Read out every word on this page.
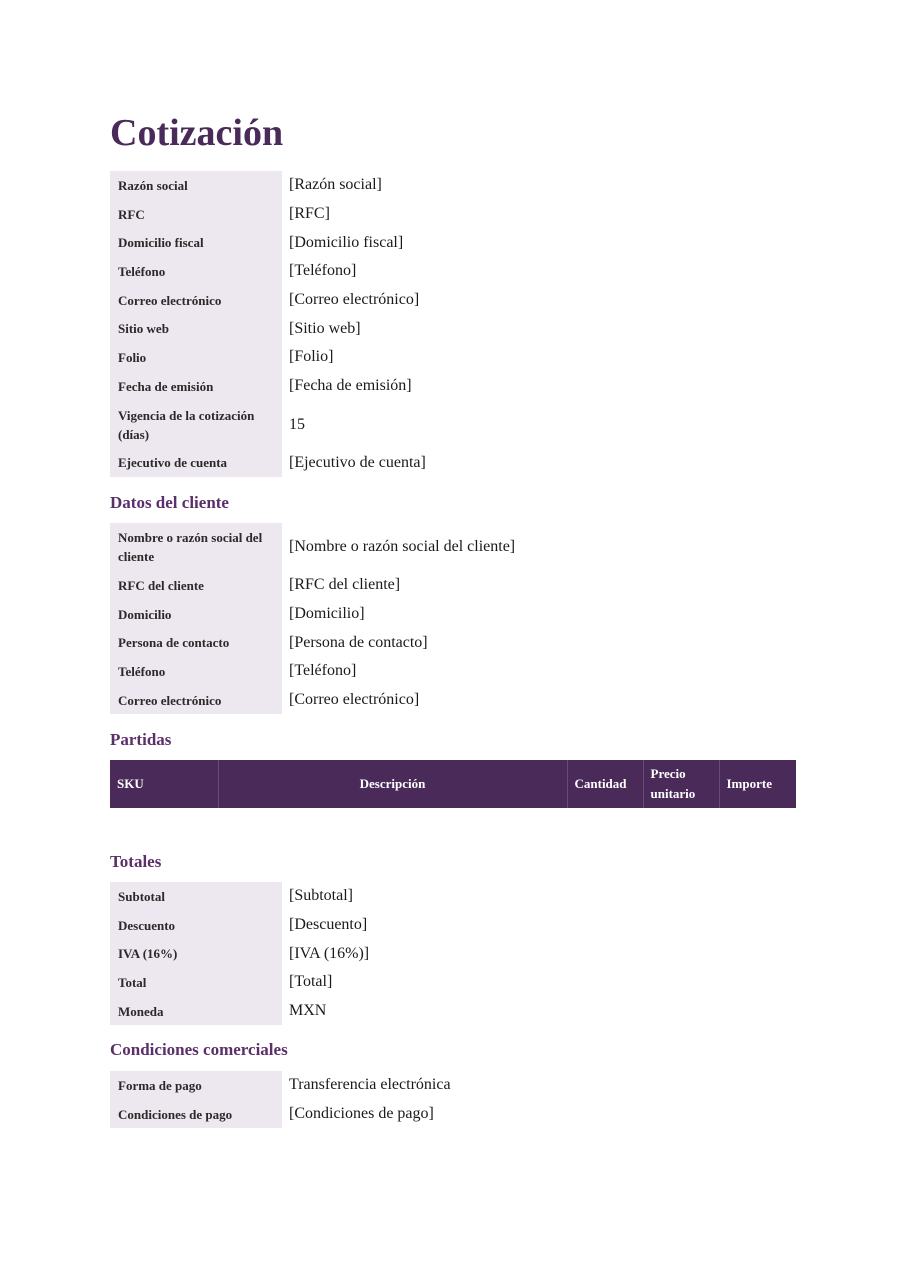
Cotización
Razón social	[Razón social]
RFC	[RFC]
Domicilio fiscal	[Domicilio fiscal]
Teléfono	[Teléfono]
Correo electrónico	[Correo electrónico]
Sitio web	[Sitio web]
Folio	[Folio]
Fecha de emisión	[Fecha de emisión]
Vigencia de la cotización (días)	15
Ejecutivo de cuenta	[Ejecutivo de cuenta]
Datos del cliente
Nombre o razón social del cliente	[Nombre o razón social del cliente]
RFC del cliente	[RFC del cliente]
Domicilio	[Domicilio]
Persona de contacto	[Persona de contacto]
Teléfono	[Teléfono]
Correo electrónico	[Correo electrónico]
Partidas
SKU	Descripción	Cantidad	Precio unitario	Importe
Totales
Subtotal	[Subtotal]
Descuento	[Descuento]
IVA (16%)	[IVA (16%)]
Total	[Total]
Moneda	MXN
Condiciones comerciales
Forma de pago	Transferencia electrónica
Condiciones de pago	[Condiciones de pago]
